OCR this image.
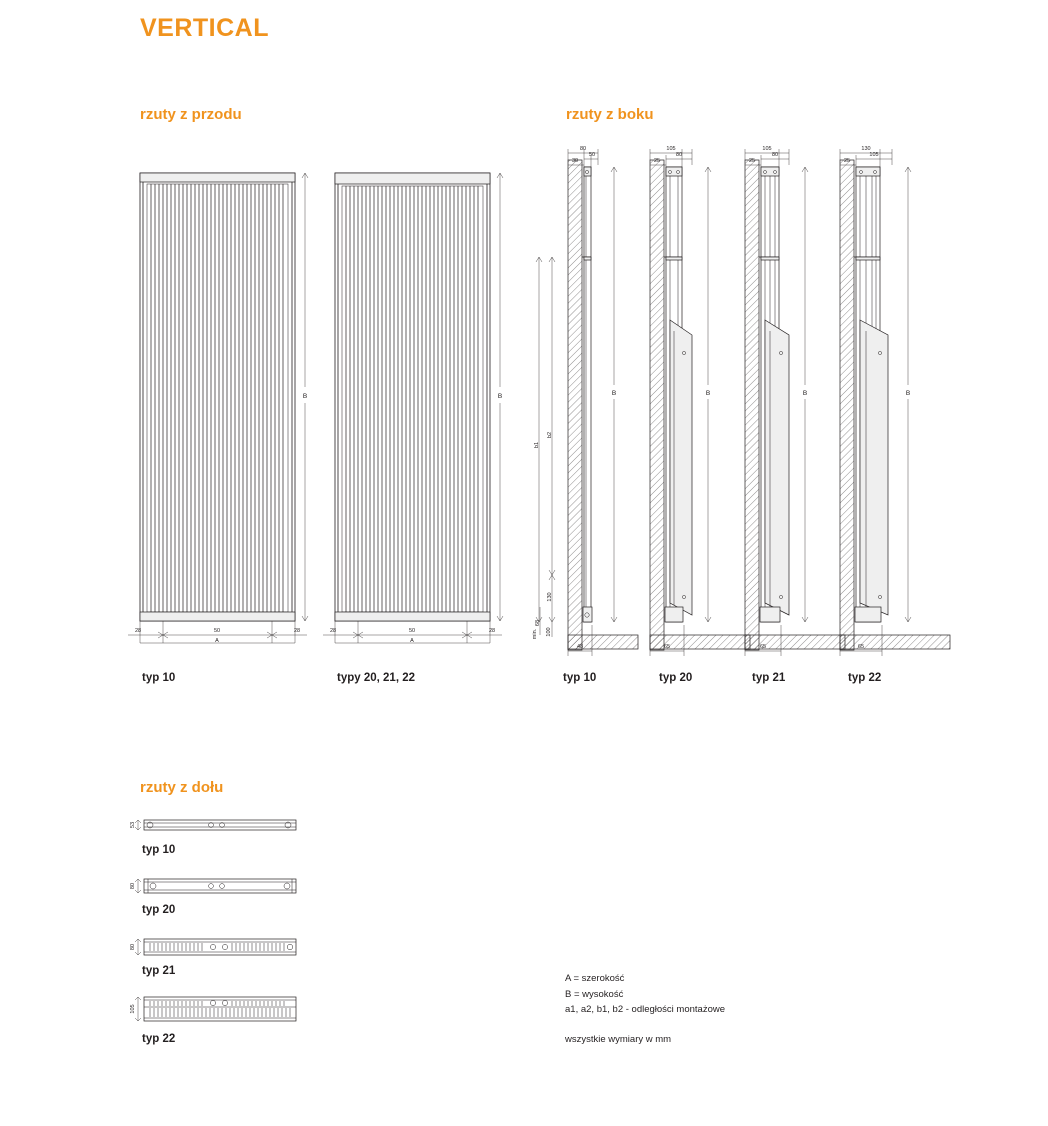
VERTICAL
rzuty z przodu	rzuty z boku
rzuty z dołu
B
28	50	28
A
typ 10
B
28	50	28
A
typy 20, 21, 22
30
80
50
b1
b2
B
130
68
100
min.
48
typ 10
25
105
80
B
65
typ 20
25
105
80
B
65
typ 21
25
130
105
B
65
typ 22
53
typ 10
80
typ 20
80
typ 21
105
typ 22
A = szerokość
B = wysokość
a1, a2, b1, b2 - odległości montażowe
wszystkie wymiary w mm
